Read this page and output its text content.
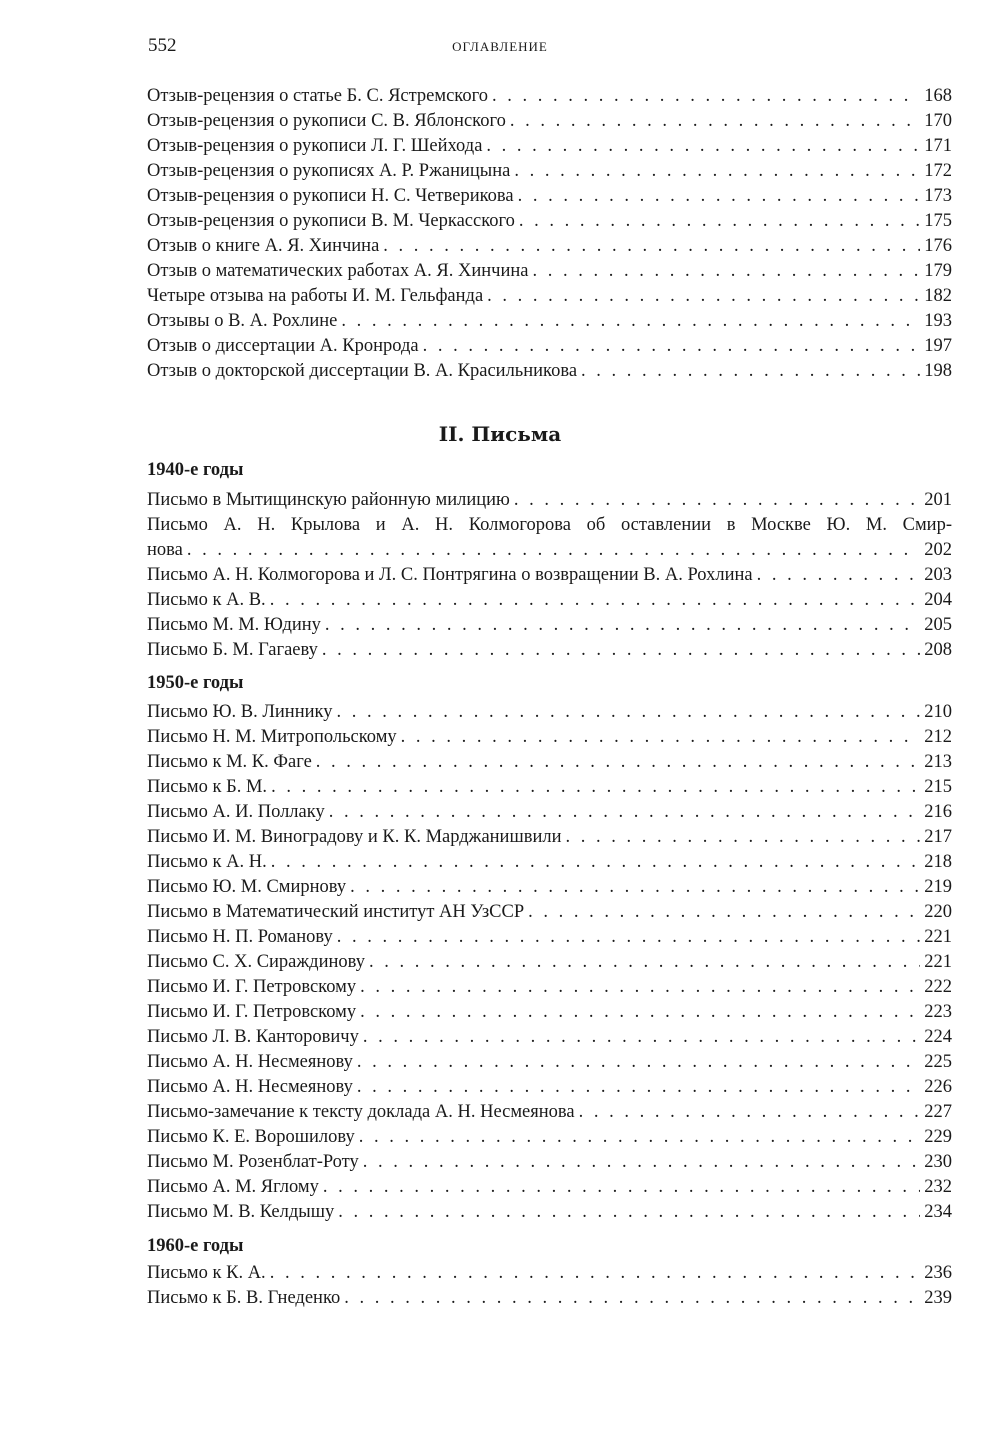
552	ОГЛАВЛЕНИЕ
Отзыв-рецензия о статье Б. С. Ястремского . . .	168
Отзыв-рецензия о рукописи С. В. Яблонского . . .	170
Отзыв-рецензия о рукописи Л. Г. Шейхода . . .	171
Отзыв-рецензия о рукописях А. Р. Ржаницына . . .	172
Отзыв-рецензия о рукописи Н. С. Четверикова . . .	173
Отзыв-рецензия о рукописи В. М. Черкасского . . .	175
Отзыв о книге А. Я. Хинчина . . .	176
Отзыв о математических работах А. Я. Хинчина . . .	179
Четыре отзыва на работы И. М. Гельфанда . . .	182
Отзывы о В. А. Рохлине . . .	193
Отзыв о диссертации А. Кронрода . . .	197
Отзыв о докторской диссертации В. А. Красильникова . . .	198
II. Письма
1940-е годы
Письмо в Мытищинскую районную милицию . . .	201
Письмо А. Н. Крылова и А. Н. Колмогорова об оставлении в Москве Ю. М. Смир-
нова . . .	202
Письмо А. Н. Колмогорова и Л. С. Понтрягина о возвращении В. А. Рохлина . . .	203
Письмо к А. В. . . .	204
Письмо М. М. Юдину . . .	205
Письмо Б. М. Гагаеву . . .	208
1950-е годы
Письмо Ю. В. Линнику . . .	210
Письмо Н. М. Митропольскому . . .	212
Письмо к М. К. Фаге . . .	213
Письмо к Б. М. . . .	215
Письмо А. И. Поллаку . . .	216
Письмо И. М. Виноградову и К. К. Марджанишвили . . .	217
Письмо к А. Н. . . .	218
Письмо Ю. М. Смирнову . . .	219
Письмо в Математический институт АН УзССР . . .	220
Письмо Н. П. Романову . . .	221
Письмо С. Х. Сираждинову . . .	221
Письмо И. Г. Петровскому . . .	222
Письмо И. Г. Петровскому . . .	223
Письмо Л. В. Канторовичу . . .	224
Письмо А. Н. Несмеянову . . .	225
Письмо А. Н. Несмеянову . . .	226
Письмо-замечание к тексту доклада А. Н. Несмеянова . . .	227
Письмо К. Е. Ворошилову . . .	229
Письмо М. Розенблат-Роту . . .	230
Письмо А. М. Яглому . . .	232
Письмо М. В. Келдышу . . .	234
1960-е годы
Письмо к К. А. . . .	236
Письмо к Б. В. Гнеденко . . .	239
